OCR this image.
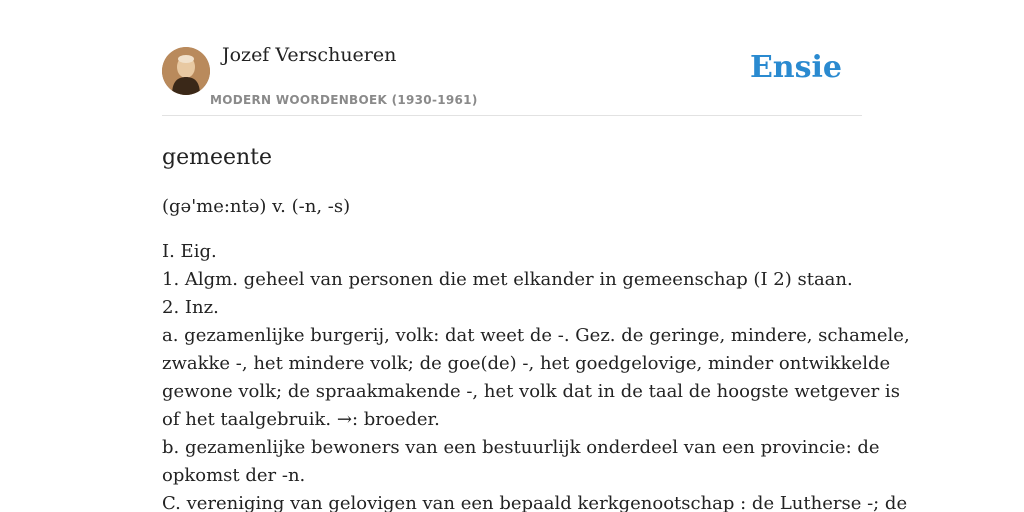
Jozef Verschueren
MODERN WOORDENBOEK (1930-1961)
Ensie
gemeente
(gə'me:ntə) v. (-n, -s)
I. Eig.
1. Algm. geheel van personen die met elkander in gemeenschap (I 2) staan.
2. Inz.
a. gezamenlijke burgerij, volk: dat weet de -. Gez. de geringe, mindere, schamele,
zwakke -, het mindere volk; de goe(de) -, het goedgelovige, minder ontwikkelde
gewone volk; de spraakmakende -, het volk dat in de taal de hoogste wetgever is
of het taalgebruik. →: broeder.
b. gezamenlijke bewoners van een bestuurlijk onderdeel van een provincie: de
opkomst der -n.
C. vereniging van gelovigen van een bepaald kerkgenootschap : de Lutherse -; de
